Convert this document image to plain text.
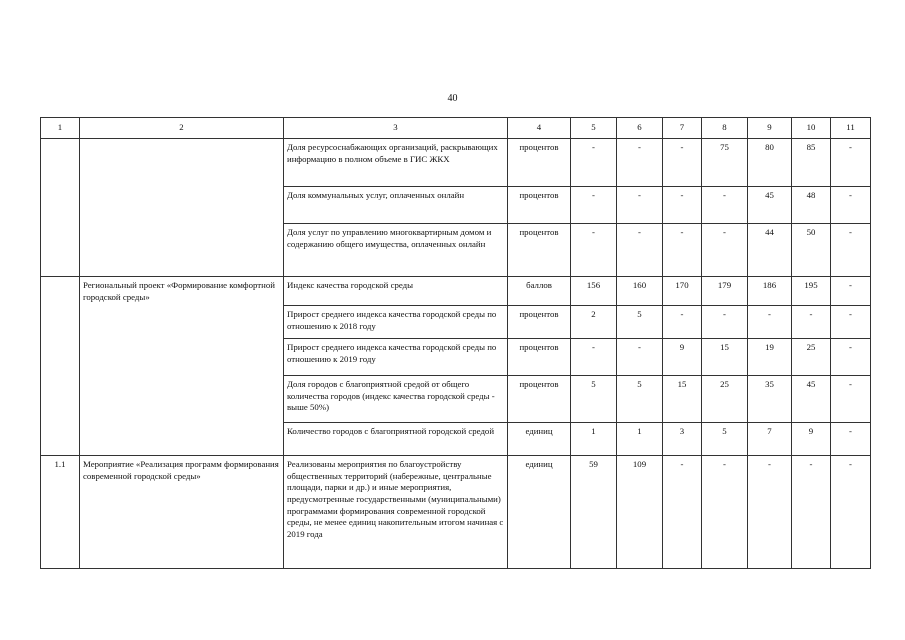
40
1	2	3	4	5	6	7	8	9	10	11
		Доля ресурсоснабжающих организаций, раскрывающих информацию в полном объеме в ГИС ЖКХ	процентов	-	-	-	75	80	85	-
		Доля коммунальных услуг, оплаченных онлайн	процентов	-	-	-	-	45	48	-
		Доля услуг по управлению многоквартирным домом и содержанию общего имущества, оплаченных онлайн	процентов	-	-	-	-	44	50	-
	Региональный проект «Формирование комфортной городской среды»	Индекс качества городской среды	баллов	156	160	170	179	186	195	-
		Прирост среднего индекса качества городской среды по отношению к 2018 году	процентов	2	5	-	-	-	-	-
		Прирост среднего индекса качества городской среды по отношению к 2019 году	процентов	-	-	9	15	19	25	-
		Доля городов с благоприятной средой от общего количества городов (индекс качества городской среды - выше 50%)	процентов	5	5	15	25	35	45	-
		Количество городов с благоприятной городской средой	единиц	1	1	3	5	7	9	-
1.1	Мероприятие «Реализация программ формирования современной городской среды»	Реализованы мероприятия по благоустройству общественных территорий (набережные, центральные площади, парки и др.) и иные мероприятия, предусмотренные государственными (муниципальными) программами формирования современной городской среды, не менее единиц накопительным итогом начиная с 2019 года	единиц	59	109	-	-	-	-	-
